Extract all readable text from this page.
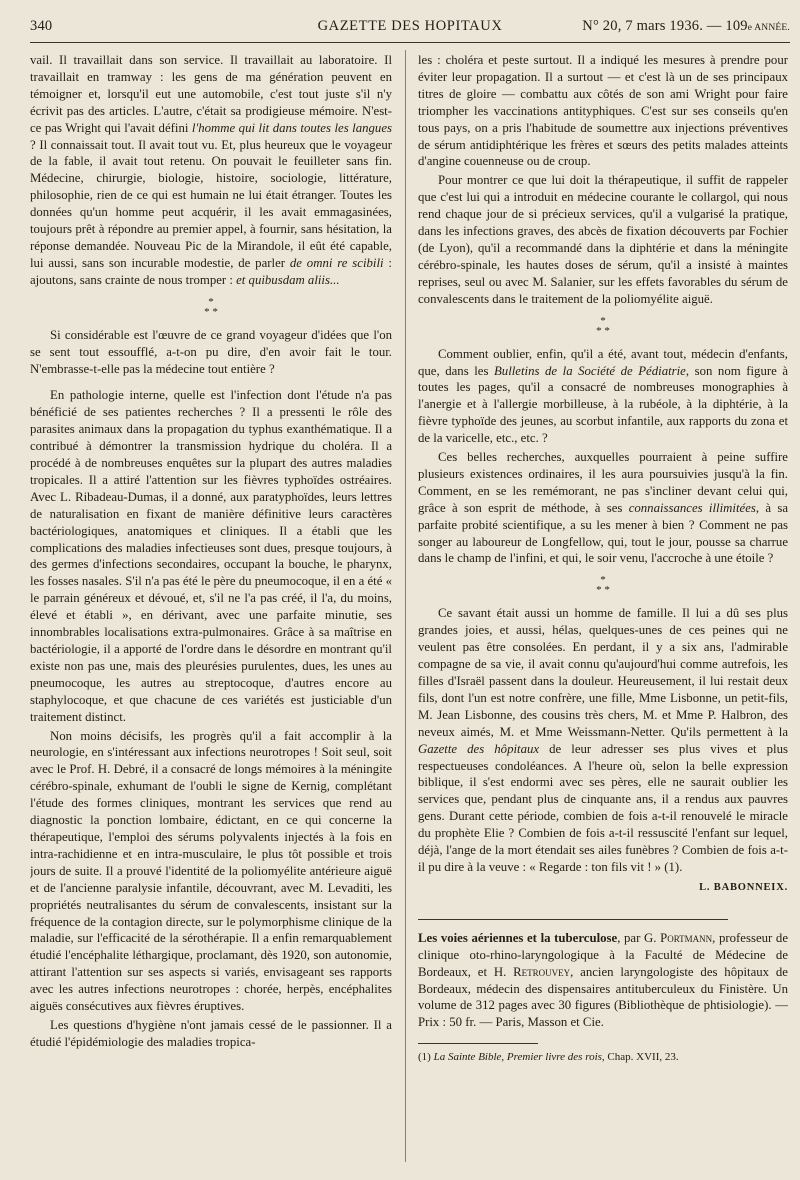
340	GAZETTE DES HOPITAUX	N° 20, 7 mars 1936. — 109e ANNÉE.

vail. Il travaillait dans son service. Il travaillait au laboratoire. Il travaillait en tramway : les gens de ma génération peuvent en témoigner et, lorsqu'il eut une automobile, c'est tout juste s'il n'y écrivit pas des articles. L'autre, c'était sa prodigieuse mémoire. N'est-ce pas Wright qui l'avait défini l'homme qui lit dans toutes les langues ? Il connaissait tout. Il avait tout vu. Et, plus heureux que le voyageur de la fable, il avait tout retenu. On pouvait le feuilleter sans fin. Médecine, chirurgie, biologie, histoire, sociologie, littérature, philosophie, rien de ce qui est humain ne lui était étranger. Toutes les données qu'un homme peut acquérir, il les avait emmagasinées, toujours prêt à répondre au premier appel, à fournir, sans hésitation, la réponse demandée. Nouveau Pic de la Mirandole, il eût été capable, lui aussi, sans son incurable modestie, de parler de omni re scibili : ajoutons, sans crainte de nous tromper : et quibusdam aliis...

*
* *

Si considérable est l'œuvre de ce grand voyageur d'idées que l'on se sent tout essoufflé, a-t-on pu dire, d'en avoir fait le tour. N'embrasse-t-elle pas la médecine tout entière ?

En pathologie interne, quelle est l'infection dont l'étude n'a pas bénéficié de ses patientes recherches ? Il a pressenti le rôle des parasites animaux dans la propagation du typhus exanthématique. Il a contribué à démontrer la transmission hydrique du choléra. Il a procédé à de nombreuses enquêtes sur la plupart des autres maladies tropicales. Il a attiré l'attention sur les fièvres typhoïdes ostréaires. Avec L. Ribadeau-Dumas, il a donné, aux paratyphoïdes, leurs lettres de naturalisation en fixant de manière définitive leurs caractères bactériologiques, anatomiques et cliniques. Il a établi que les complications des maladies infectieuses sont dues, presque toujours, à des germes d'infections secondaires, occupant la bouche, le pharynx, les fosses nasales. S'il n'a pas été le père du pneumocoque, il en a été « le parrain généreux et dévoué, et, s'il ne l'a pas créé, il l'a, du moins, élevé et établi », en dérivant, avec une parfaite minutie, ses innombrables localisations extra-pulmonaires. Grâce à sa maîtrise en bactériologie, il a apporté de l'ordre dans le désordre en montrant qu'il existe non pas une, mais des pleurésies purulentes, dues, les unes au pneumocoque, les autres au streptocoque, d'autres encore au staphylocoque, et que chacune de ces variétés est justiciable d'un traitement distinct.

Non moins décisifs, les progrès qu'il a fait accomplir à la neurologie, en s'intéressant aux infections neurotropes ! Soit seul, soit avec le Prof. H. Debré, il a consacré de longs mémoires à la méningite cérébro-spinale, exhumant de l'oubli le signe de Kernig, complétant l'étude des formes cliniques, montrant les services que rend au diagnostic la ponction lombaire, édictant, en ce qui concerne la thérapeutique, l'emploi des sérums polyvalents injectés à la fois en intra-rachidienne et en intra-musculaire, le plus tôt possible et trois jours de suite. Il a prouvé l'identité de la poliomyélite antérieure aiguë et de l'ancienne paralysie infantile, découvrant, avec M. Levaditi, les propriétés neutralisantes du sérum de convalescents, insistant sur la fréquence de la contagion directe, sur le polymorphisme clinique de la maladie, sur l'efficacité de la sérothérapie. Il a enfin remarquablement étudié l'encéphalite léthargique, proclamant, dès 1920, son autonomie, attirant l'attention sur ses aspects si variés, envisageant ses rapports avec les autres infections neurotropes : chorée, herpès, encéphalites aiguës consécutives aux fièvres éruptives.

Les questions d'hygiène n'ont jamais cessé de le passionner. Il a étudié l'épidémiologie des maladies tropica-

les : choléra et peste surtout. Il a indiqué les mesures à prendre pour éviter leur propagation. Il a surtout — et c'est là un de ses principaux titres de gloire — combattu aux côtés de son ami Wright pour faire triompher les vaccinations antityphiques. C'est sur ses conseils qu'en tous pays, on a pris l'habitude de soumettre aux injections préventives de sérum antidiphtérique les frères et sœurs des petits malades atteints d'angine couenneuse ou de croup.

Pour montrer ce que lui doit la thérapeutique, il suffit de rappeler que c'est lui qui a introduit en médecine courante le collargol, qui nous rend chaque jour de si précieux services, qu'il a vulgarisé la pratique, dans les infections graves, des abcès de fixation découverts par Fochier (de Lyon), qu'il a recommandé dans la diphtérie et dans la méningite cérébro-spinale, les hautes doses de sérum, qu'il a insisté à maintes reprises, seul ou avec M. Salanier, sur les effets favorables du sérum de convalescents dans le traitement de la poliomyélite aiguë.

*
* *

Comment oublier, enfin, qu'il a été, avant tout, médecin d'enfants, que, dans les Bulletins de la Société de Pédiatrie, son nom figure à toutes les pages, qu'il a consacré de nombreuses monographies à l'anergie et à l'allergie morbilleuse, à la rubéole, à la diphtérie, à la fièvre typhoïde des jeunes, au scorbut infantile, aux rapports du zona et de la varicelle, etc., etc. ?

Ces belles recherches, auxquelles pourraient à peine suffire plusieurs existences ordinaires, il les aura poursuivies jusqu'à la fin. Comment, en se les remémorant, ne pas s'incliner devant celui qui, grâce à son esprit de méthode, à ses connaissances illimitées, à sa parfaite probité scientifique, a su les mener à bien ? Comment ne pas songer au laboureur de Longfellow, qui, tout le jour, pousse sa charrue dans le champ de l'infini, et qui, le soir venu, l'accroche à une étoile ?

*
* *

Ce savant était aussi un homme de famille. Il lui a dû ses plus grandes joies, et aussi, hélas, quelques-unes de ces peines qui ne veulent pas être consolées. En perdant, il y a six ans, l'admirable compagne de sa vie, il avait connu qu'aujourd'hui comme autrefois, les filles d'Israël passent dans la douleur. Heureusement, il lui restait deux fils, dont l'un est notre confrère, une fille, Mme Lisbonne, un petit-fils, M. Jean Lisbonne, des cousins très chers, M. et Mme P. Halbron, des neveux aimés, M. et Mme Weissmann-Netter. Qu'ils permettent à la Gazette des hôpitaux de leur adresser ses plus vives et plus respectueuses condoléances. A l'heure où, selon la belle expression biblique, il s'est endormi avec ses pères, elle ne saurait oublier les services que, pendant plus de cinquante ans, il a rendus aux pauvres gens. Durant cette période, combien de fois a-t-il renouvelé le miracle du prophète Elie ? Combien de fois a-t-il ressuscité l'enfant sur lequel, déjà, l'ange de la mort étendait ses ailes funèbres ? Combien de fois a-t-il pu dire à la veuve : « Regarde : ton fils vit ! » (1).

L. BABONNEIX.

Les voies aériennes et la tuberculose, par G. Portmann, professeur de clinique oto-rhino-laryngologique à la Faculté de Médecine de Bordeaux, et H. Retrouvey, ancien laryngologiste des hôpitaux de Bordeaux, médecin des dispensaires antituberculeux du Finistère. Un volume de 312 pages avec 30 figures (Bibliothèque de phtisiologie). — Prix : 50 fr. — Paris, Masson et Cie.

(1) La Sainte Bible, Premier livre des rois, Chap. XVII, 23.
